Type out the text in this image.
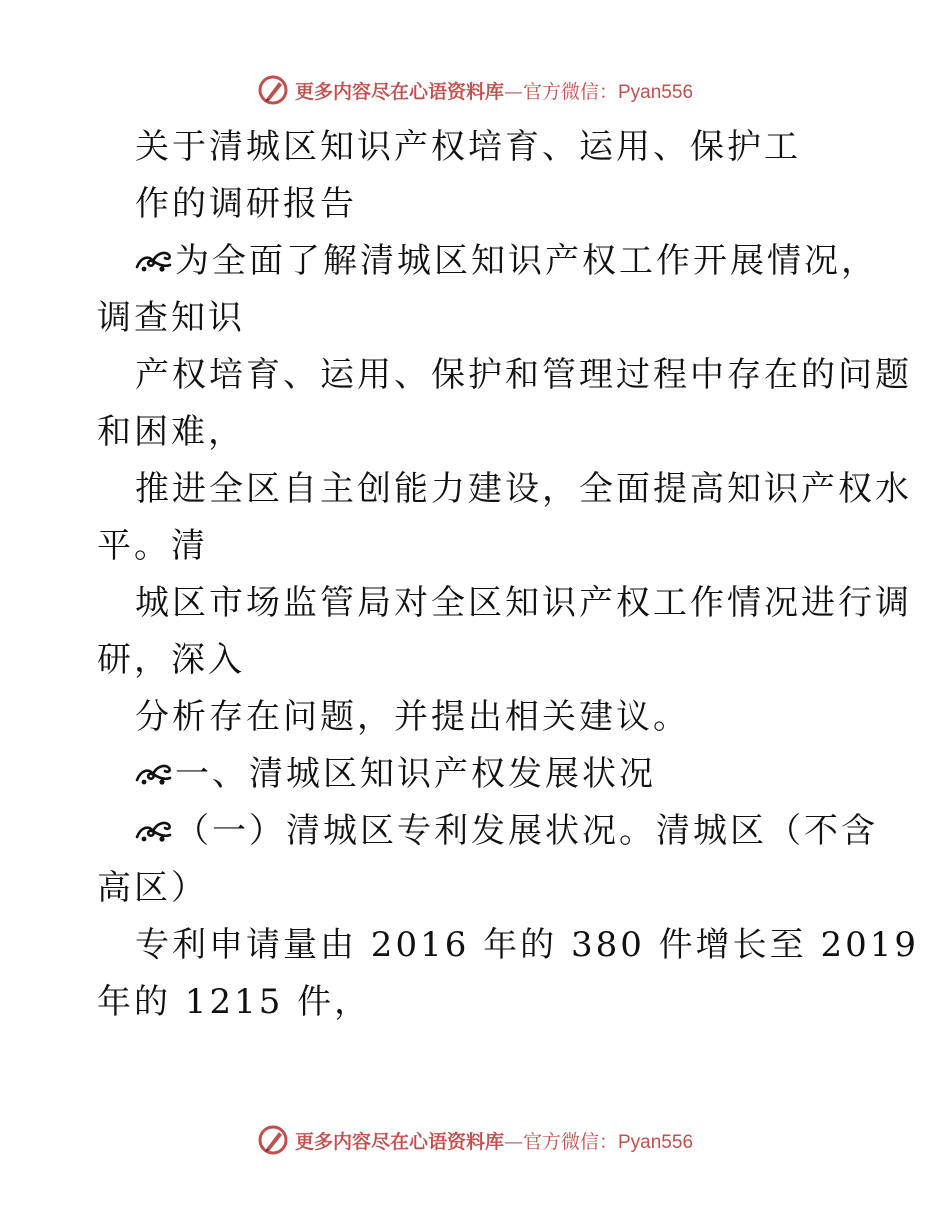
更多内容尽在心语资料库—官方微信：Pyan556
关于清城区知识产权培育、运用、保护工
作的调研报告
为全面了解清城区知识产权工作开展情况，
调查知识
产权培育、运用、保护和管理过程中存在的问题
和困难，
推进全区自主创能力建设，全面提高知识产权水
平。清
城区市场监管局对全区知识产权工作情况进行调
研，深入
分析存在问题，并提出相关建议。
一、清城区知识产权发展状况
（一）清城区专利发展状况。清城区（不含
高区）
专利申请量由 2016 年的 380 件增长至 2019
年的 1215 件，
更多内容尽在心语资料库—官方微信：Pyan556
